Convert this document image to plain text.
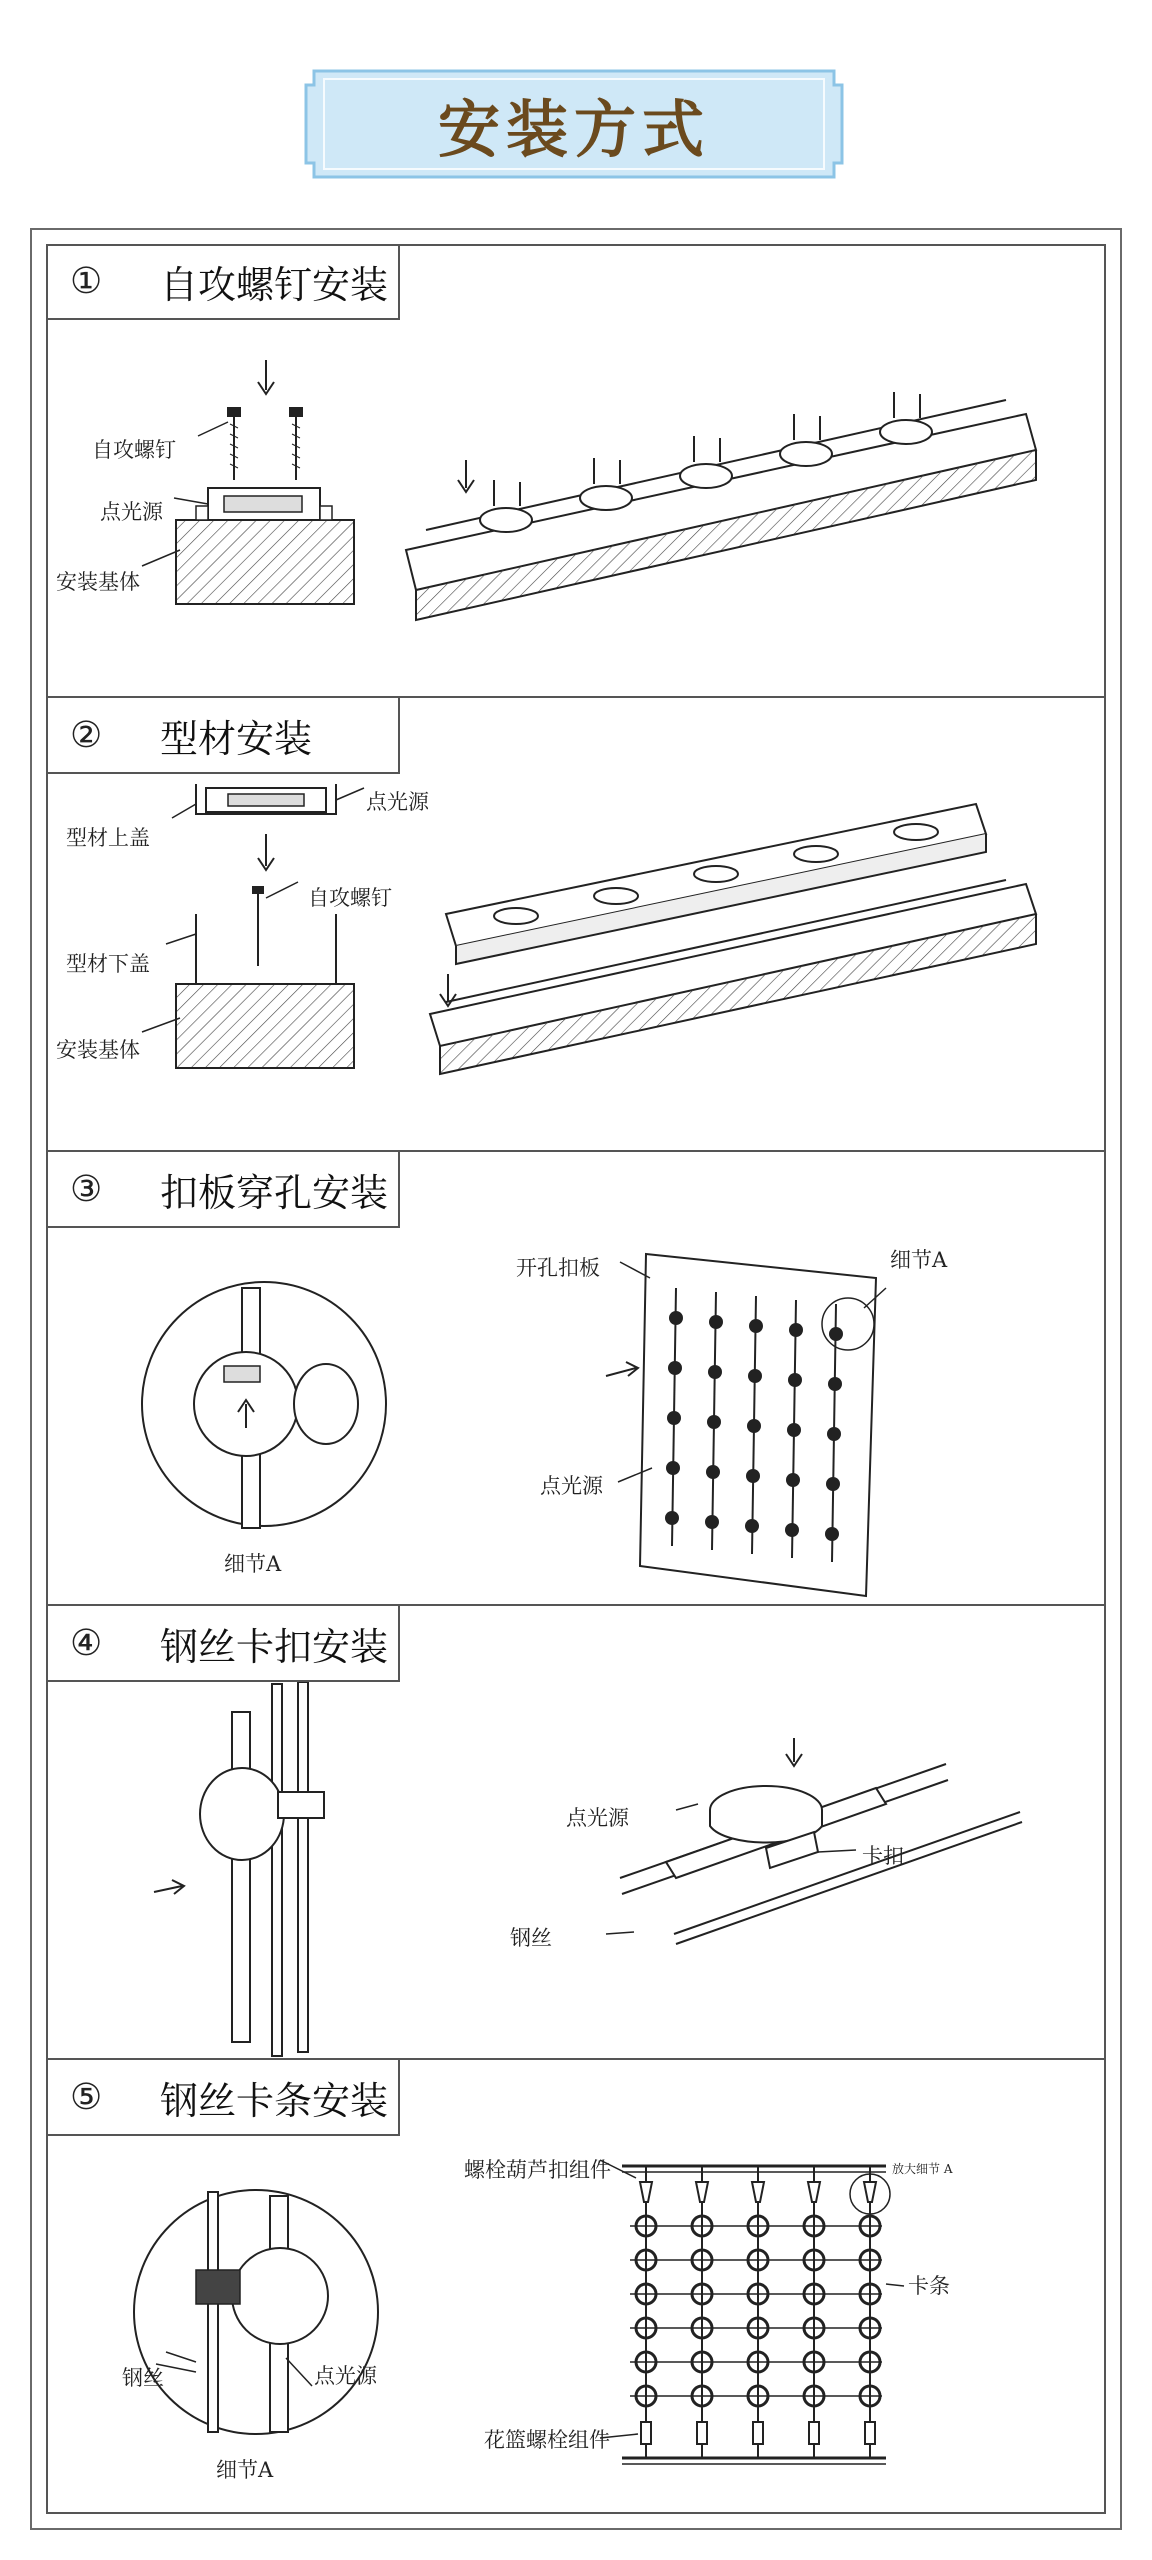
安装方式
①	自攻螺钉安装
自攻螺钉
点光源
安装基体
②	型材安装
点光源
型材上盖
自攻螺钉
型材下盖
安装基体
③	扣板穿孔安装
细节A
开孔扣板	细节A
点光源
④	钢丝卡扣安装
点光源
卡扣
钢丝
⑤	钢丝卡条安装
钢丝	点光源
细节A
螺栓葫芦扣组件	放大细节 A
卡条
花篮螺栓组件
